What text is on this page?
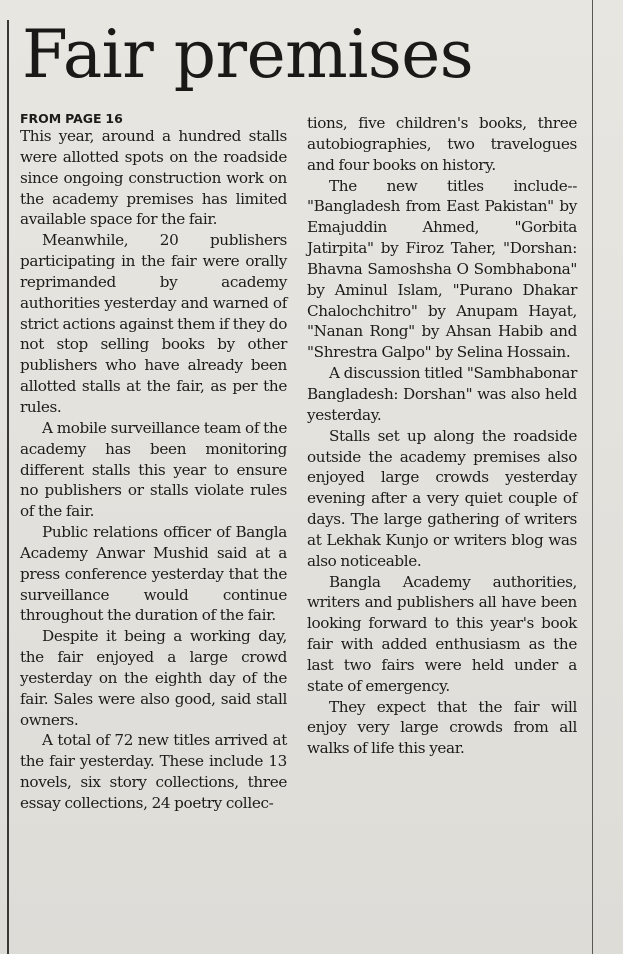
Fair premises
FROM PAGE 16

This year, around a hundred stalls were allotted spots on the roadside since ongoing construction work on the academy premises has limited available space for the fair.

Meanwhile, 20 publishers participating in the fair were orally reprimanded by academy authorities yesterday and warned of strict actions against them if they do not stop selling books by other publishers who have already been allotted stalls at the fair, as per the rules.

A mobile surveillance team of the academy has been monitoring different stalls this year to ensure no publishers or stalls violate rules of the fair.

Public relations officer of Bangla Academy Anwar Mushid said at a press conference yesterday that the surveillance would continue throughout the duration of the fair.

Despite it being a working day, the fair enjoyed a large crowd yesterday on the eighth day of the fair. Sales were also good, said stall owners.

A total of 72 new titles arrived at the fair yesterday. These include 13 novels, six story collections, three essay collections, 24 poetry collec-

tions, five children's books, three autobiographies, two travelogues and four books on history.

The new titles include--"Bangladesh from East Pakistan" by Emajuddin Ahmed, "Gorbita Jatirpita" by Firoz Taher, "Dorshan: Bhavna Samoshsha O Sombhabona" by Aminul Islam, "Purano Dhakar Chalochchitro" by Anupam Hayat, "Nanan Rong" by Ahsan Habib and "Shrestra Galpo" by Selina Hossain.

A discussion titled "Sambhabonar Bangladesh: Dorshan" was also held yesterday.

Stalls set up along the roadside outside the academy premises also enjoyed large crowds yesterday evening after a very quiet couple of days. The large gathering of writers at Lekhak Kunjo or writers blog was also noticeable.

Bangla Academy authorities, writers and publishers all have been looking forward to this year's book fair with added enthusiasm as the last two fairs were held under a state of emergency.

They expect that the fair will enjoy very large crowds from all walks of life this year.
